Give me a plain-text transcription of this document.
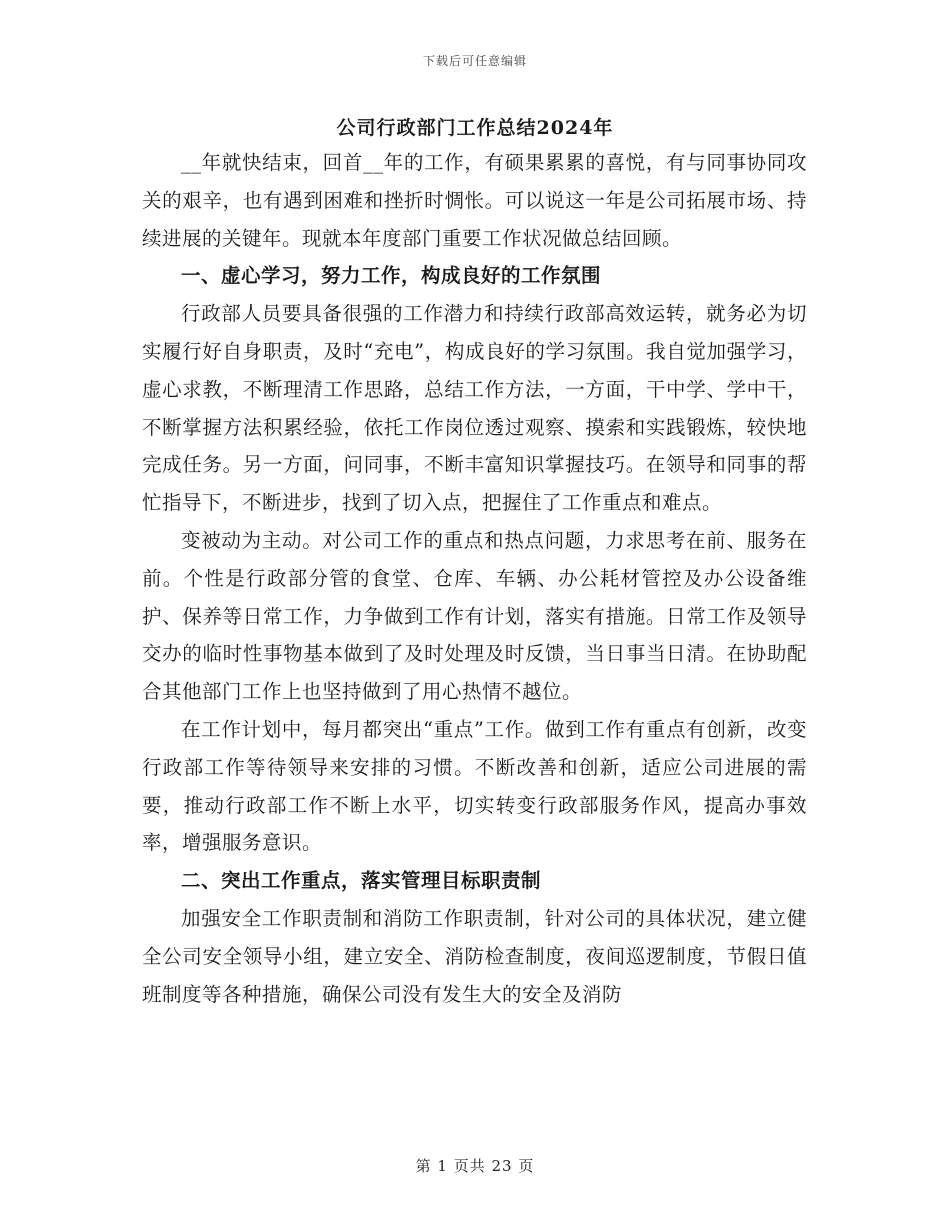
下载后可任意编辑
公司行政部门工作总结2024年

__年就快结束，回首__年的工作，有硕果累累的喜悦，有与同事协同攻关的艰辛，也有遇到困难和挫折时惆怅。可以说这一年是公司拓展市场、持续进展的关键年。现就本年度部门重要工作状况做总结回顾。

一、虚心学习，努力工作，构成良好的工作氛围

行政部人员要具备很强的工作潜力和持续行政部高效运转，就务必为切实履行好自身职责，及时“充电”，构成良好的学习氛围。我自觉加强学习，虚心求教，不断理清工作思路，总结工作方法，一方面，干中学、学中干，不断掌握方法积累经验，依托工作岗位透过观察、摸索和实践锻炼，较快地完成任务。另一方面，问同事，不断丰富知识掌握技巧。在领导和同事的帮忙指导下，不断进步，找到了切入点，把握住了工作重点和难点。

变被动为主动。对公司工作的重点和热点问题，力求思考在前、服务在前。个性是行政部分管的食堂、仓库、车辆、办公耗材管控及办公设备维护、保养等日常工作，力争做到工作有计划，落实有措施。日常工作及领导交办的临时性事物基本做到了及时处理及时反馈，当日事当日清。在协助配合其他部门工作上也坚持做到了用心热情不越位。

在工作计划中，每月都突出“重点”工作。做到工作有重点有创新，改变行政部工作等待领导来安排的习惯。不断改善和创新，适应公司进展的需要，推动行政部工作不断上水平，切实转变行政部服务作风，提高办事效率，增强服务意识。

二、突出工作重点，落实管理目标职责制

加强安全工作职责制和消防工作职责制，针对公司的具体状况，建立健全公司安全领导小组，建立安全、消防检查制度，夜间巡逻制度，节假日值班制度等各种措施，确保公司没有发生大的安全及消防

第 1 页共 23 页
